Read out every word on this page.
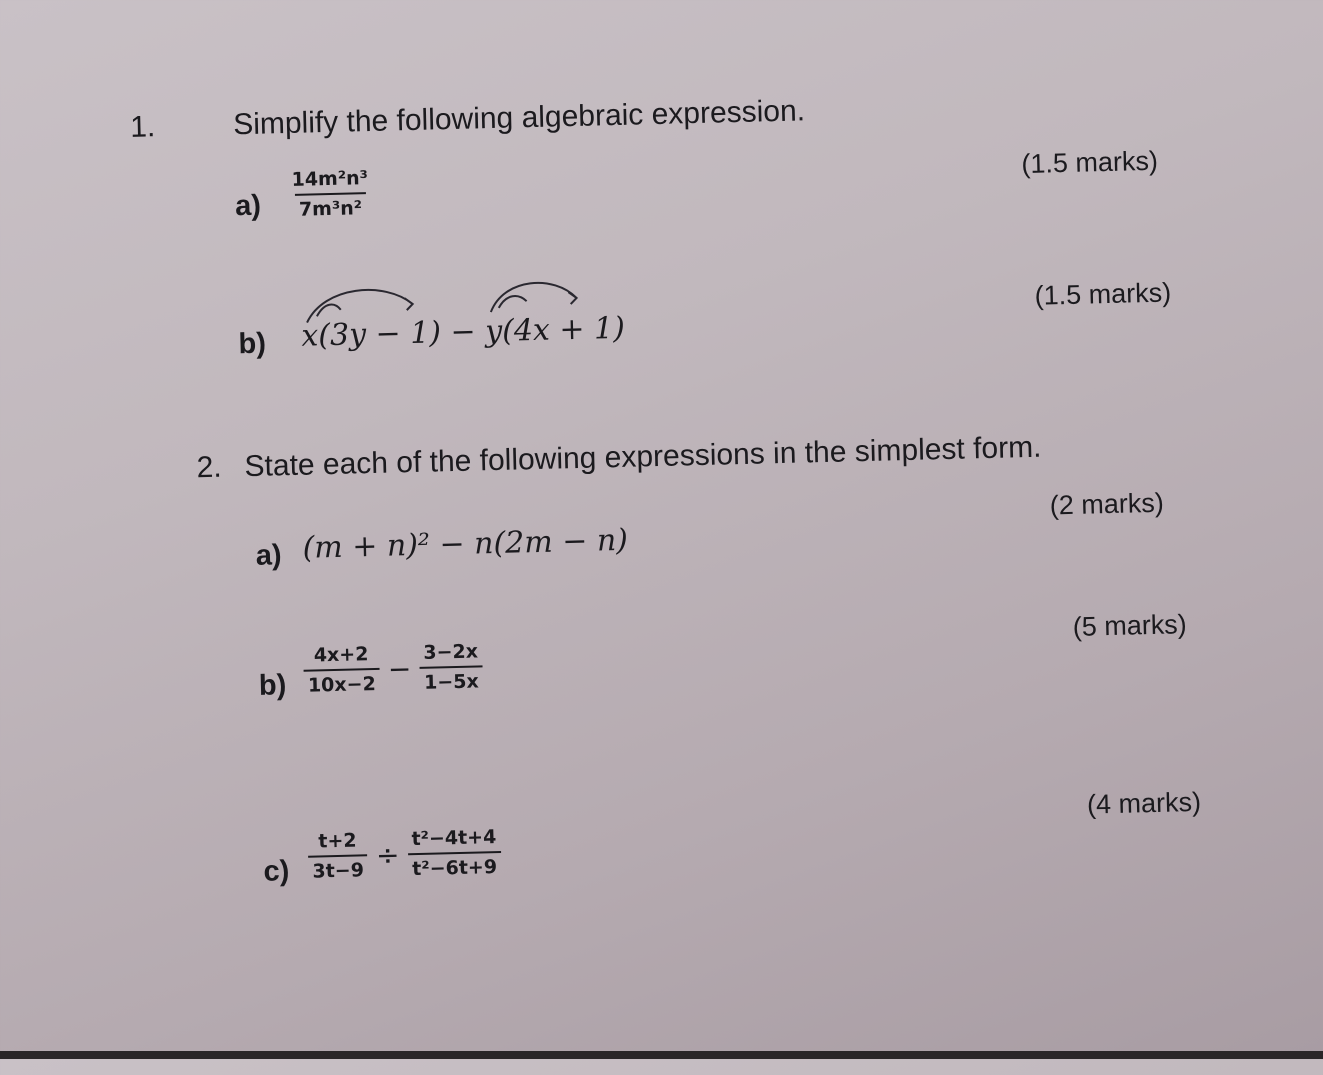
1.	Simplify the following algebraic expression.
$a) \frac{\text{14m²n³}}{\text{7m³n²}}$
(1.5 marks)
b) x(3y − 1) − y(4x + 1)
(1.5 marks)
2. State each of the following expressions in the simplest form.
a) (m + n)² − n(2m − n)
(2 marks)
$b) \frac{4x+2}{10x-2} - \frac{3-2x}{1-5x}$
(5 marks)
$c) \frac{t+2}{3t-9} \div \frac{\text{t²−4t+4}}{\text{t²−6t+9}}$
(4 marks)
